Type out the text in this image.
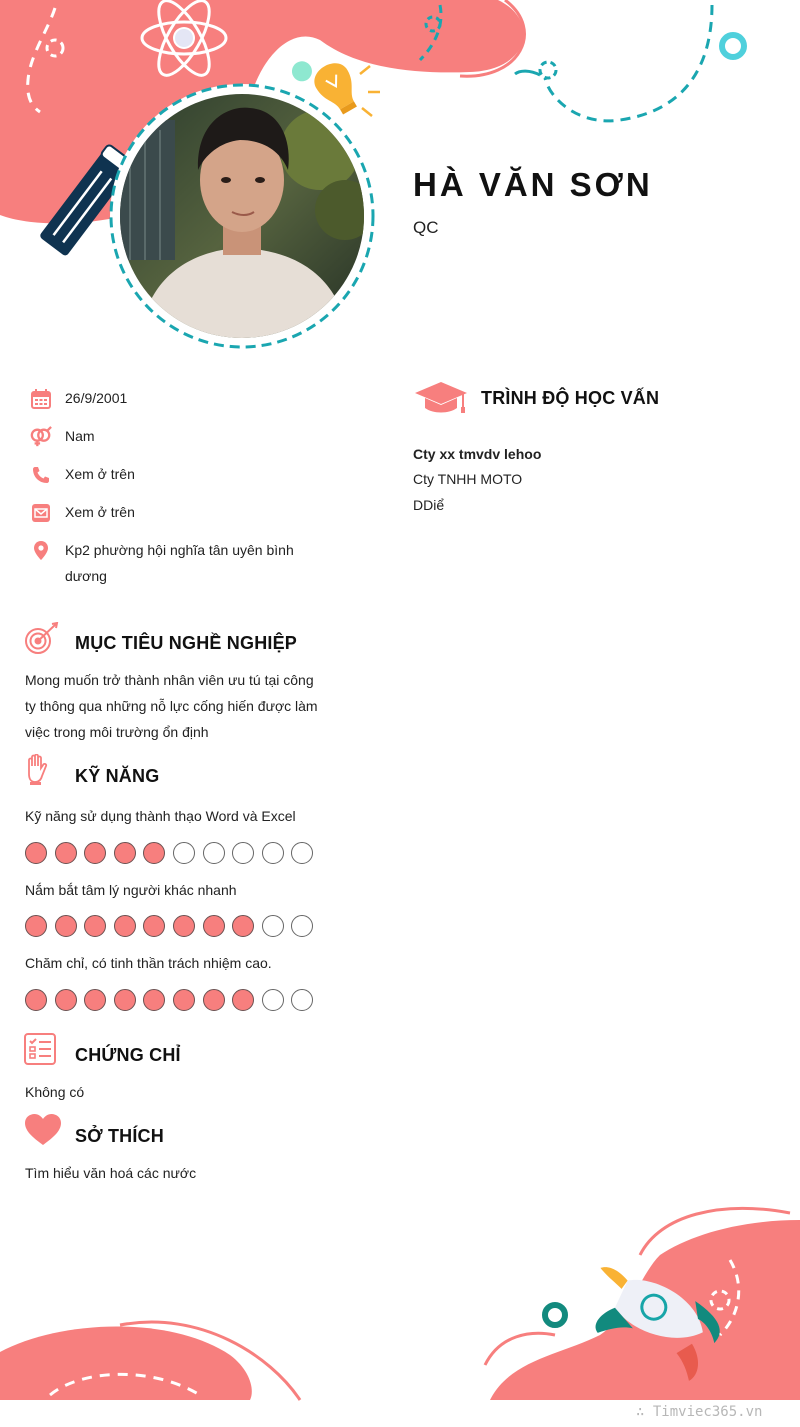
HÀ VĂN SƠN
QC
26/9/2001
Nam
Xem ở trên
Xem ở trên
Kp2 phường hội nghĩa tân uyên bình dương
MỤC TIÊU NGHỀ NGHIỆP
Mong muốn trở thành nhân viên ưu tú tại công ty thông qua những nỗ lực cống hiến được làm việc trong môi trường ổn định
KỸ NĂNG
Kỹ năng sử dụng thành thạo Word và Excel
Nắm bắt tâm lý người khác nhanh
Chăm chỉ, có tinh thần trách nhiệm cao.
CHỨNG CHỈ
Không có
SỞ THÍCH
Tìm hiểu văn hoá các nước
TRÌNH ĐỘ HỌC VẤN
Cty xx tmvdv lehoo
Cty TNHH MOTO
DDiể
∴ Timviec365.vn
